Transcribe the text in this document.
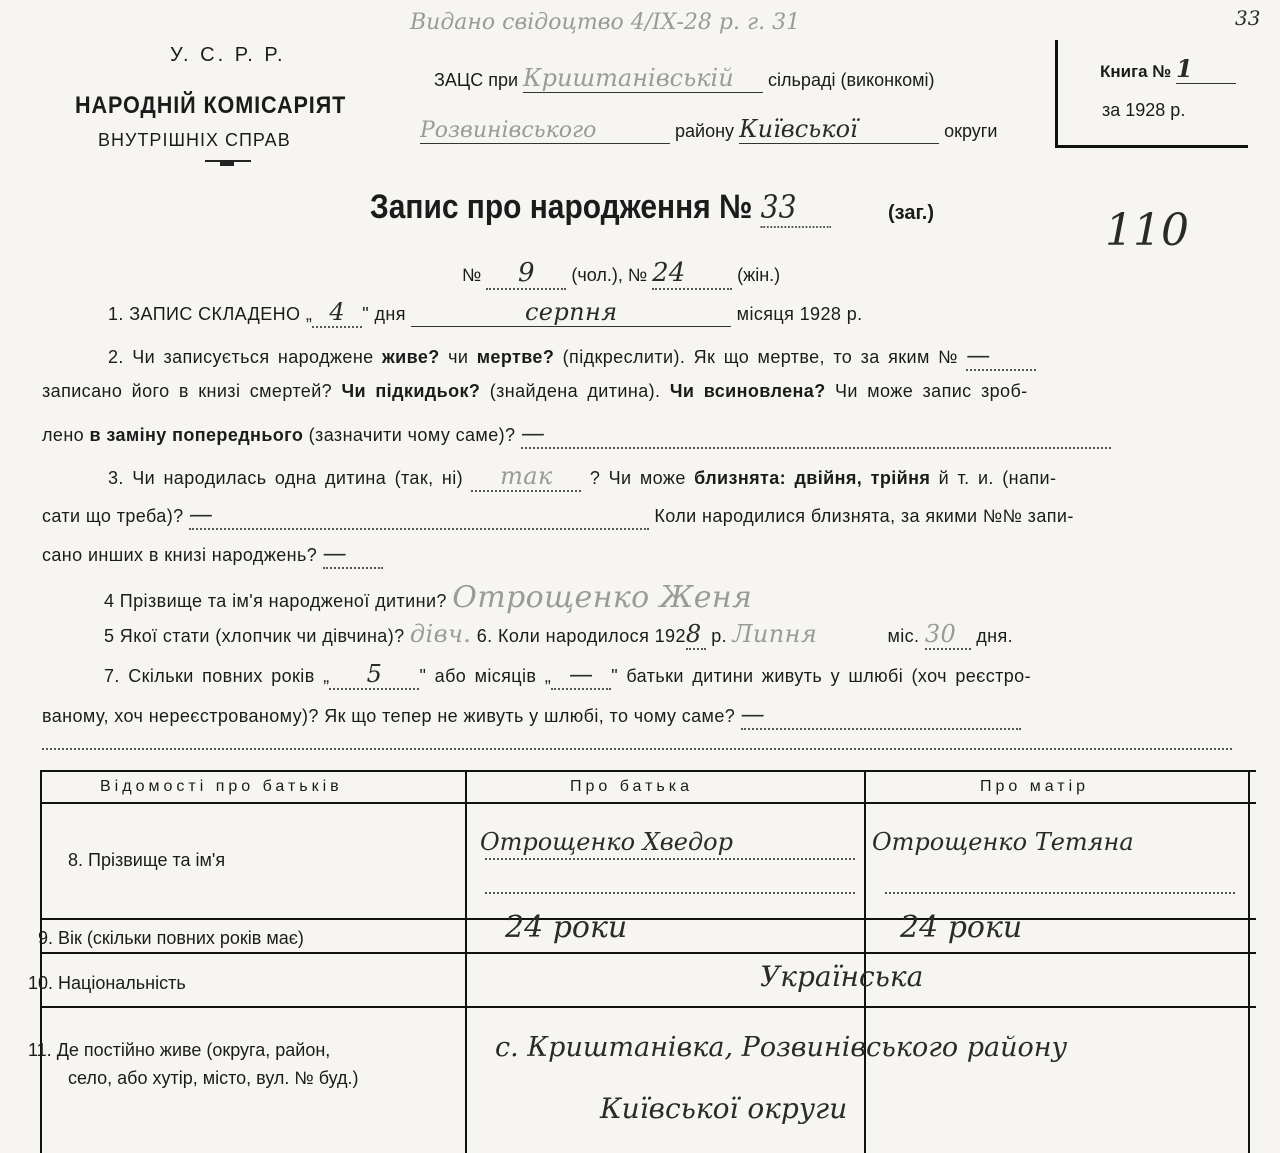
Видано свідоцтво 4/ІХ-28 р. г. 31	33
У. С. Р. Р.
НАРОДНІЙ КОМІСАРІЯТ
ВНУТРІШНІХ СПРАВ
ЗАЦС при Криштанівській сільраді (виконкомі)
Розвинівського	району Київської	округи
Книга № 1
за 1928 р.
110
Запис про народження № 33	(заг.)
№ 9 (чол.), № 24	(жін.)
1. ЗАПИС СКЛАДЕНО „ 4 " дня	серпня	місяця 1928 р.
2. Чи записується народжене живе? чи мертве? (підкреслити). Як що мертве, то за яким № —
записано його в книзі смертей? Чи підкидьок? (знайдена дитина). Чи всиновлена? Чи може запис зроб-
лено в заміну попереднього (зазначити чому саме)? —
3. Чи народилась одна дитина (так, ні) так ? Чи може близнята: двійня, трійня й т. и. (напи-
сати що треба)? —	Коли народилися близнята, за якими №№ запи-
сано инших в книзі народжень? —
4 Прізвище та ім'я народженої дитини? Отрощенко Женя
5 Якої стати (хлопчик чи дівчина)? дівч. 6. Коли народилося 1928 р. Липня	міс. 30 дня.
7. Скільки повних років „ 5 " або місяців „ — " батьки дитини живуть у шлюбі (хоч реєстро-
ваному, хоч нереєстрованому)? Як що тепер не живуть у шлюбі, то чому саме? —
Відомості про батьків	Про батька	Про матір
8. Прізвище та ім'я
Отрощенко Хведор	Отрощенко Тетяна
9. Вік (скільки повних років має)	24 роки	24 роки
10. Національність	Українська
11. Де постійно живе (округа, район,
село, або хутір, місто, вул. № буд.)
с. Криштанівка, Розвинівського району
Київської округи
